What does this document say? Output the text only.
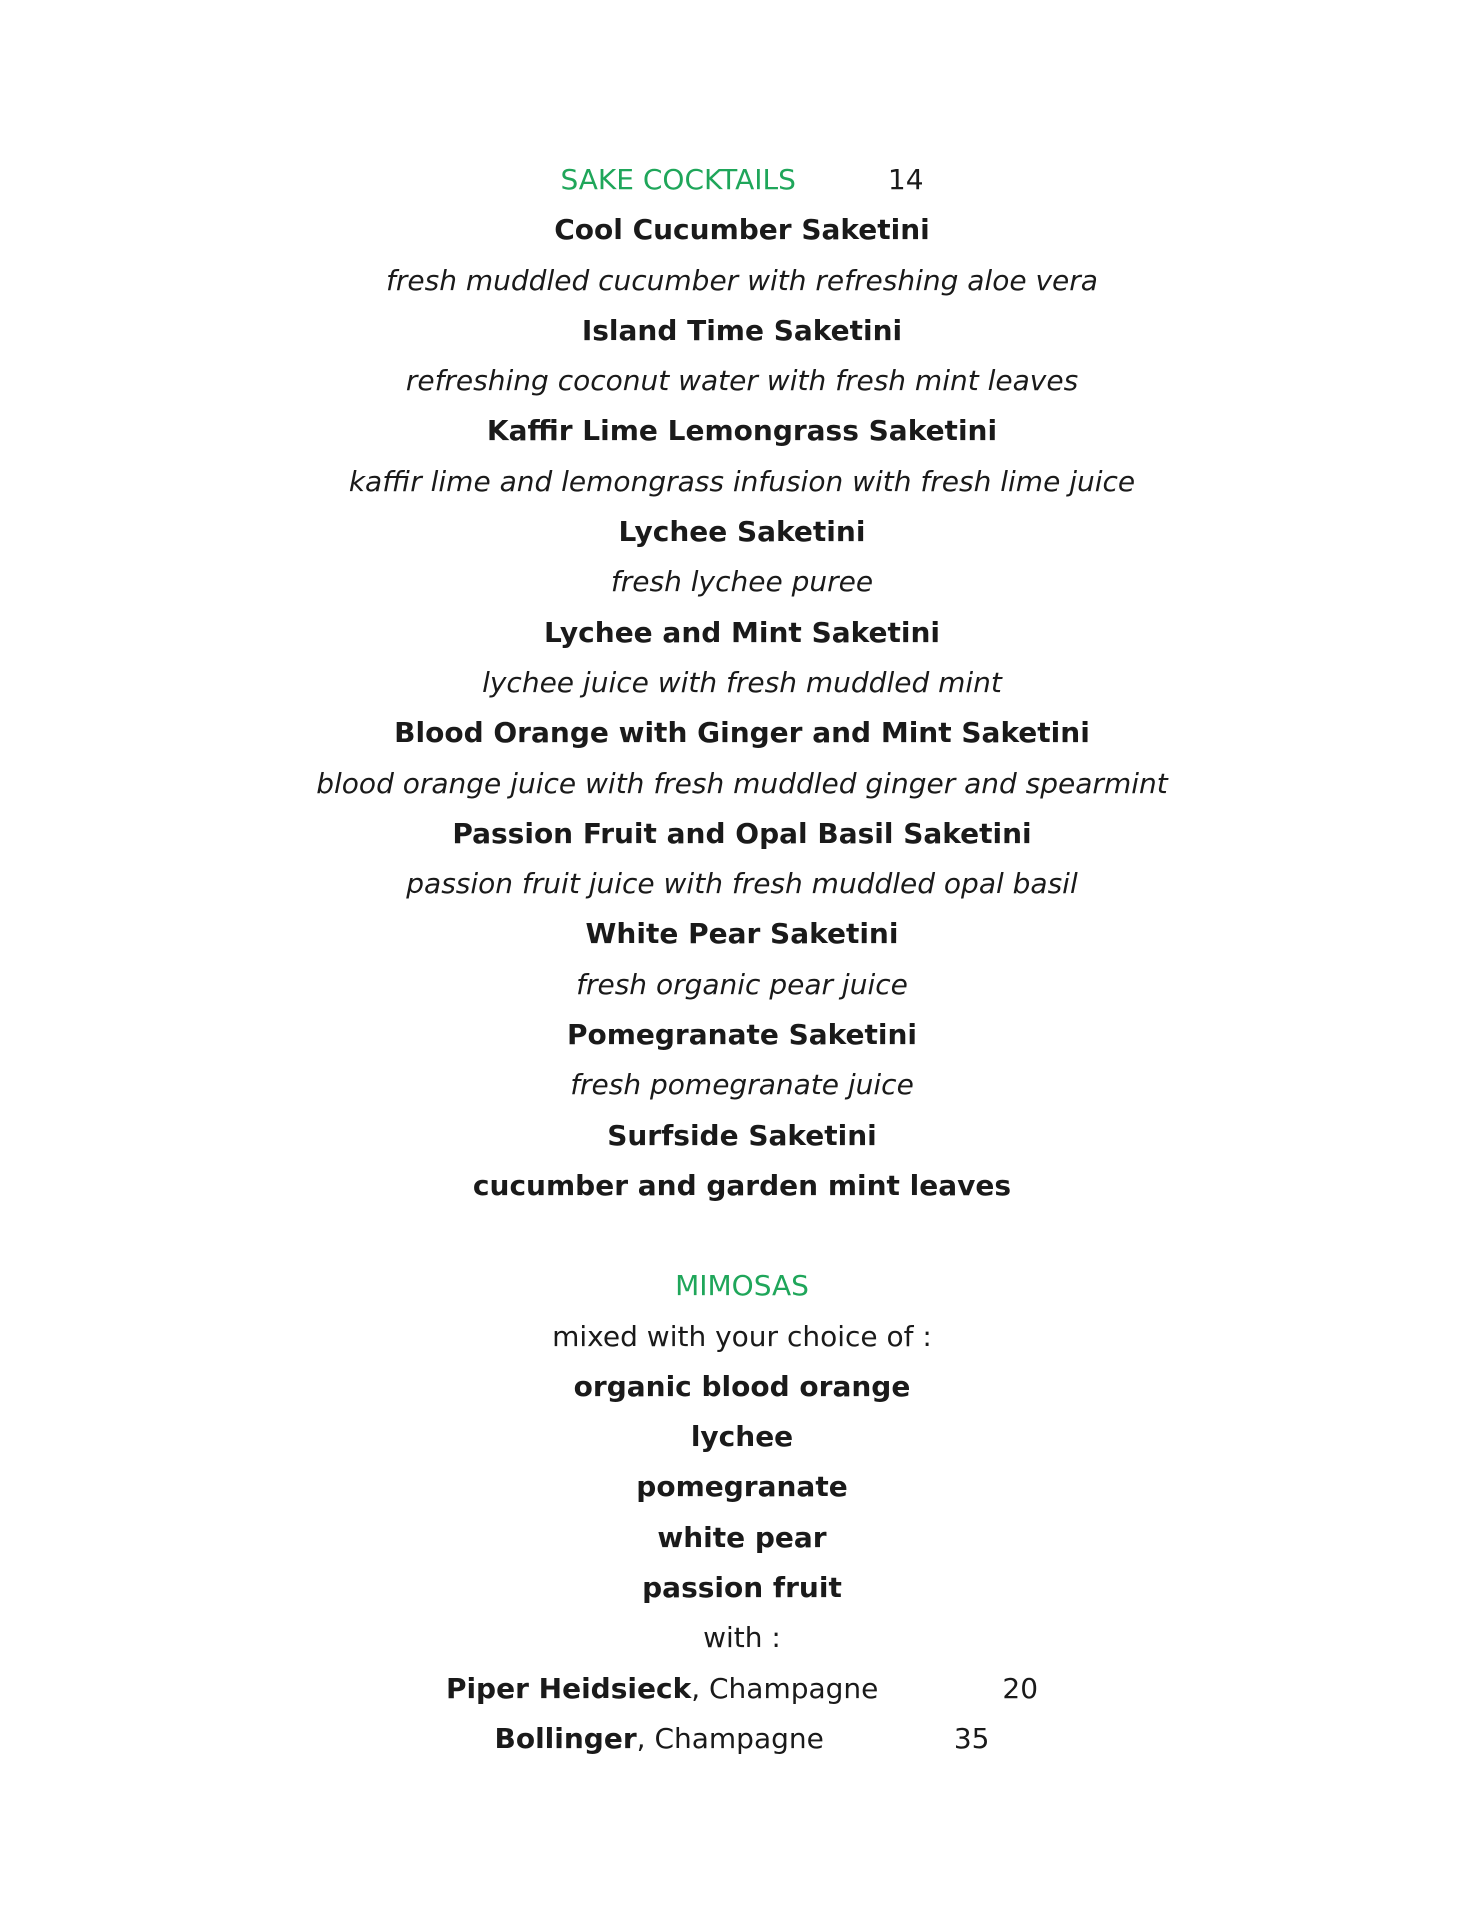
SAKE COCKTAILS	14
Cool Cucumber Saketini
fresh muddled cucumber with refreshing aloe vera
Island Time Saketini
refreshing coconut water with fresh mint leaves
Kaffir Lime Lemongrass Saketini
kaffir lime and lemongrass infusion with fresh lime juice
Lychee Saketini
fresh lychee puree
Lychee and Mint Saketini
lychee juice with fresh muddled mint
Blood Orange with Ginger and Mint Saketini
blood orange juice with fresh muddled ginger and spearmint
Passion Fruit and Opal Basil Saketini
passion fruit juice with fresh muddled opal basil
White Pear Saketini
fresh organic pear juice
Pomegranate Saketini
fresh pomegranate juice
Surfside Saketini
cucumber and garden mint leaves
MIMOSAS
mixed with your choice of :
organic blood orange
lychee
pomegranate
white pear
passion fruit
with :
Piper Heidsieck, Champagne	20
Bollinger, Champagne	35
